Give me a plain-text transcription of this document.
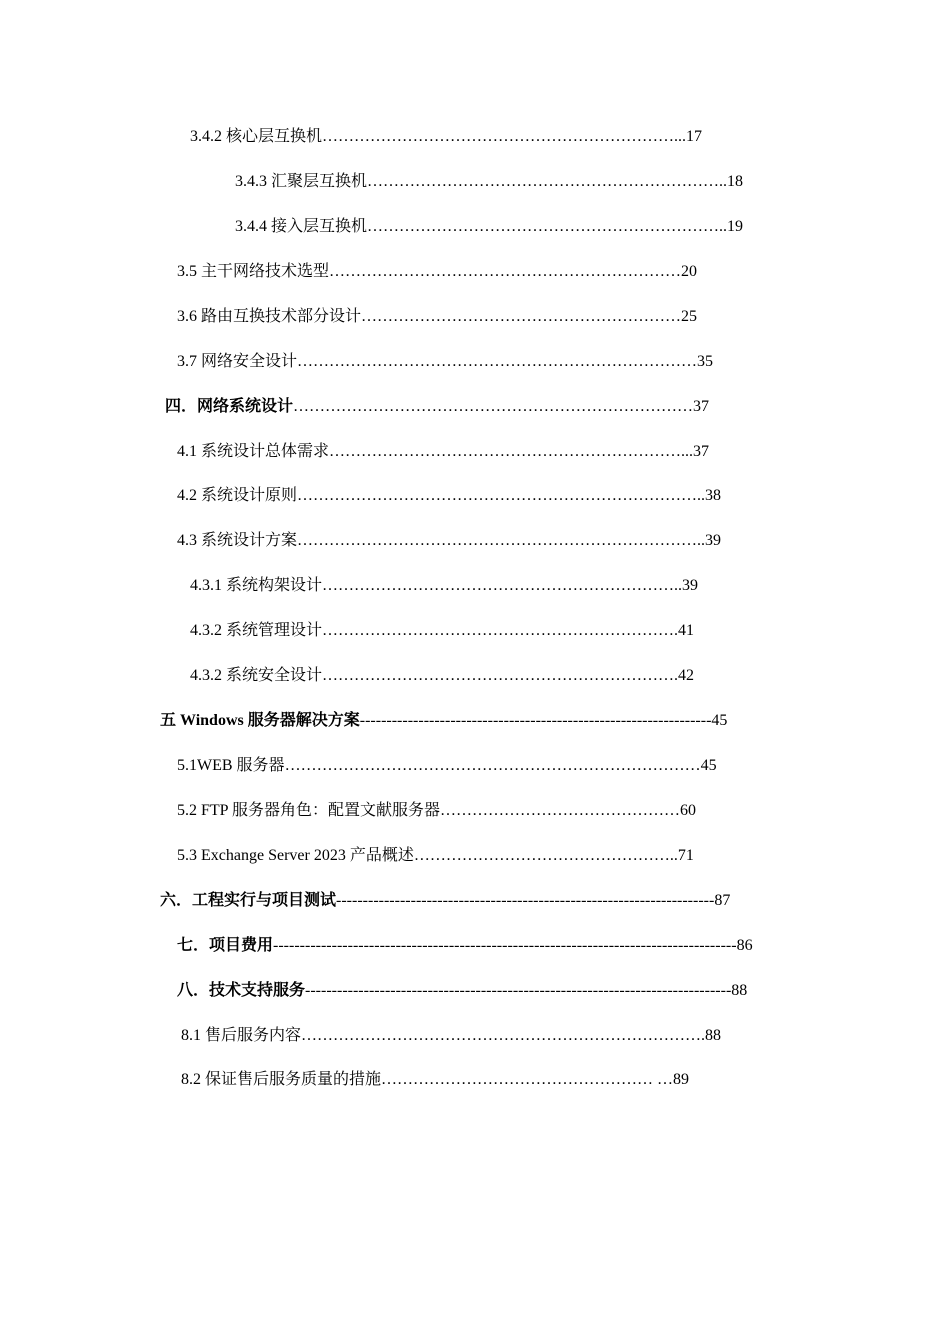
3.4.2 核心层互换机…………………………………………………………...17
3.4.3 汇聚层互换机…………………………………………………………..18
3.4.4 接入层互换机…………………………………………………………..19
3.5 主干网络技术选型…………………………………………………………20
3.6 路由互换技术部分设计……………………………………………………25
3.7 网络安全设计…………………………………………………………………35
四．网络系统设计…………………………………………………………………37
4.1 系统设计总体需求…………………………………………………………...37
4.2 系统设计原则…………………………………………………………………..38
4.3 系统设计方案…………………………………………………………………..39
4.3.1 系统构架设计…………………………………………………………..39
4.3.2 系统管理设计………………………………………………………….41
4.3.2 系统安全设计………………………………………………………….42
五 Windows 服务器解决方案------------------------------------------------------------------45
5.1WEB 服务器……………………………………………………………………45
5.2 FTP 服务器角色：配置文献服务器………………………………………60
5.3 Exchange Server 2023 产品概述…………………………………………..71
六．工程实行与项目测试-----------------------------------------------------------------------87
七．项目费用---------------------------------------------------------------------------------------86
八．技术支持服务--------------------------------------------------------------------------------88
8.1 售后服务内容………………………………………………………………….88
8.2 保证售后服务质量的措施…………………………………………… …89
